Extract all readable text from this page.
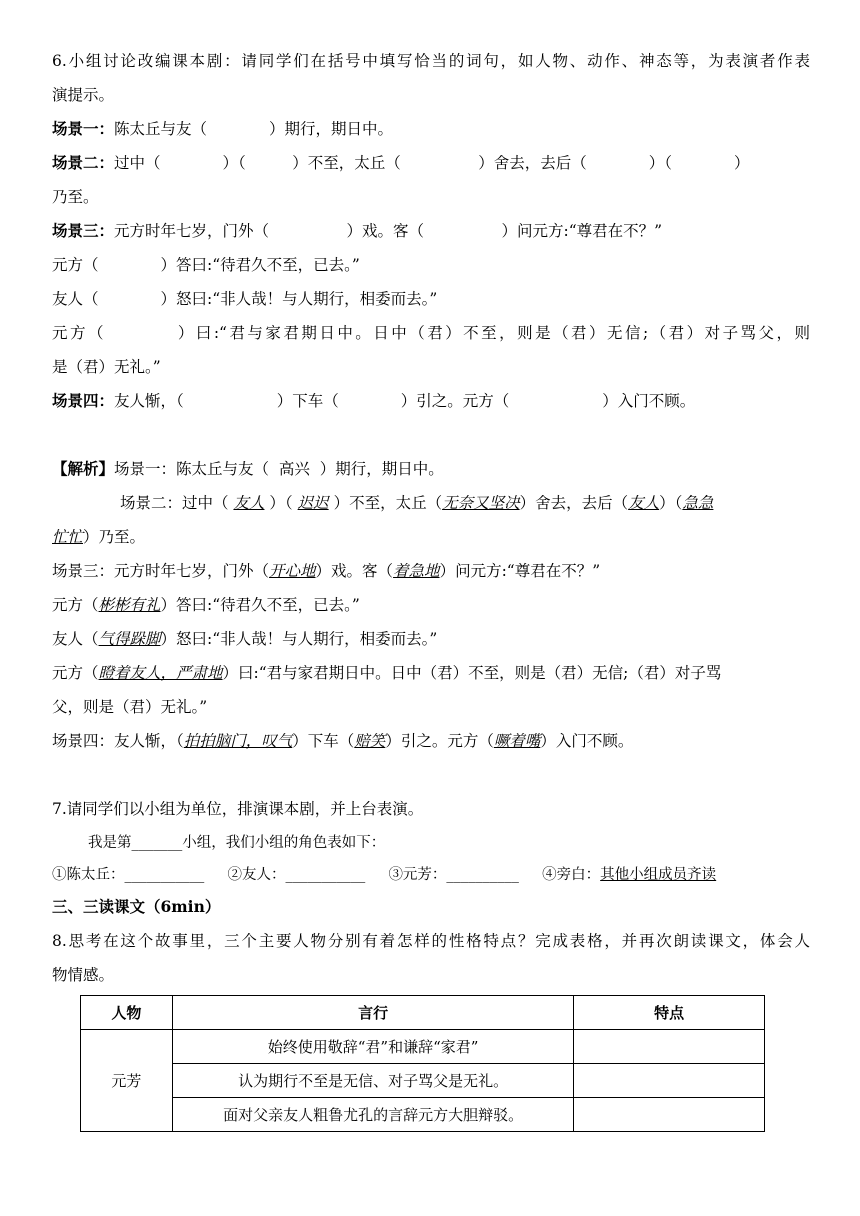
6.小组讨论改编课本剧：请同学们在括号中填写恰当的词句，如人物、动作、神态等，为表演者作表
演提示。
场景一：陈太丘与友（　　　　）期行，期日中。
场景二：过中（　　　　）（　　　）不至，太丘（　　　　　）舍去，去后（　　　　）（　　　　）
乃至。
场景三：元方时年七岁，门外（　　　　　）戏。客（　　　　　）问元方:“尊君在不？”
元方（　　　　）答曰:“待君久不至，已去。”
友人（　　　　）怒曰:“非人哉！与人期行，相委而去。”
元方（　　　　）曰:“君与家君期日中。日中（君）不至，则是（君）无信;（君）对子骂父，则
是（君）无礼。”
场景四：友人惭，（　　　　　　）下车（　　　　）引之。元方（　　　　　　）入门不顾。
【解析】场景一：陈太丘与友（ 高兴 ）期行，期日中。
场景二：过中（ 友人 ）（ 迟迟 ）不至，太丘（无奈又坚决）舍去，去后（友人）（急急
忙忙）乃至。
场景三：元方时年七岁，门外（开心地）戏。客（着急地）问元方:“尊君在不？”
元方（彬彬有礼）答曰:“待君久不至，已去。”
友人（气得跺脚）怒曰:“非人哉！与人期行，相委而去。”
元方（瞪着友人，严肃地）曰:“君与家君期日中。日中（君）不至，则是（君）无信;（君）对子骂
父，则是（君）无礼。”
场景四：友人惭，（拍拍脑门，叹气）下车（赔笑）引之。元方（噘着嘴）入门不顾。
7.请同学们以小组为单位，排演课本剧，并上台表演。
我是第_______小组，我们小组的角色表如下：
①陈太丘：___________ ②友人：___________ ③元芳：__________ ④旁白：其他小组成员齐读
三、三读课文（6min）
8.思考在这个故事里，三个主要人物分别有着怎样的性格特点？完成表格，并再次朗读课文，体会人
物情感。
人物	言行	特点
元芳	始终使用敬辞“君”和谦辞“家君”	
	认为期行不至是无信、对子骂父是无礼。	
	面对父亲友人粗鲁尤孔的言辞元方大胆辩驳。	
